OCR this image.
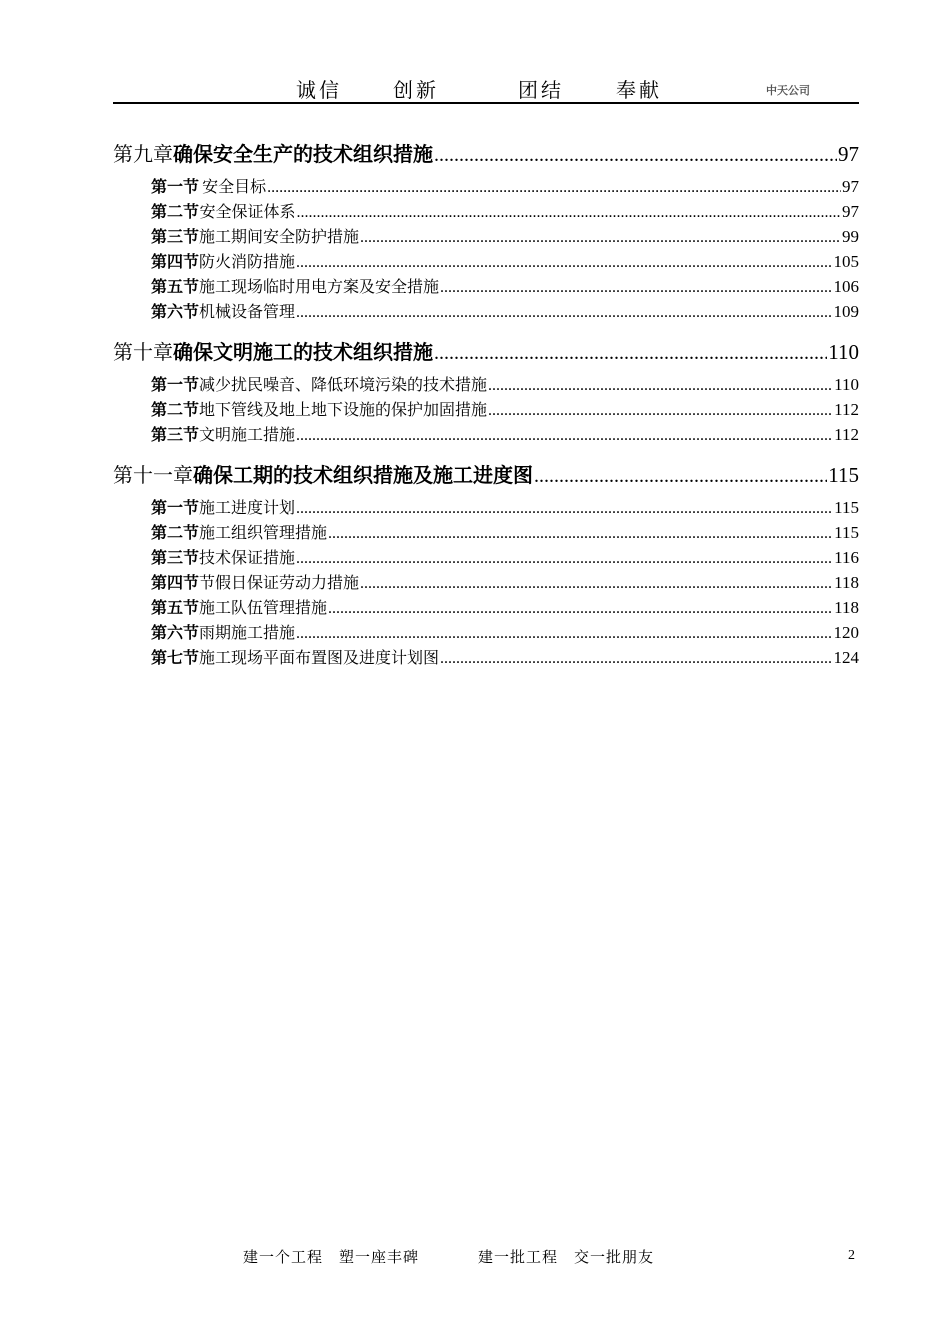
诚信	创新	团结	奉献	中天公司
第九章 确保安全生产的技术组织措施 .....	97
第一节 安全目标 .....	97
第二节 安全保证体系 .....	97
第三节 施工期间安全防护措施 .....	99
第四节 防火消防措施 .....	105
第五节 施工现场临时用电方案及安全措施 .....	106
第六节 机械设备管理 .....	109
第十章 确保文明施工的技术组织措施 .....	110
第一节 减少扰民噪音、降低环境污染的技术措施 .....	110
第二节 地下管线及地上地下设施的保护加固措施 .....	112
第三节 文明施工措施 .....	112
第十一章 确保工期的技术组织措施及施工进度图 .....	115
第一节 施工进度计划 .....	115
第二节 施工组织管理措施 .....	115
第三节 技术保证措施 .....	116
第四节 节假日保证劳动力措施 .....	118
第五节 施工队伍管理措施 .....	118
第六节 雨期施工措施 .....	120
第七节 施工现场平面布置图及进度计划图 .....	124
建一个工程　塑一座丰碑	建一批工程　交一批朋友	2
